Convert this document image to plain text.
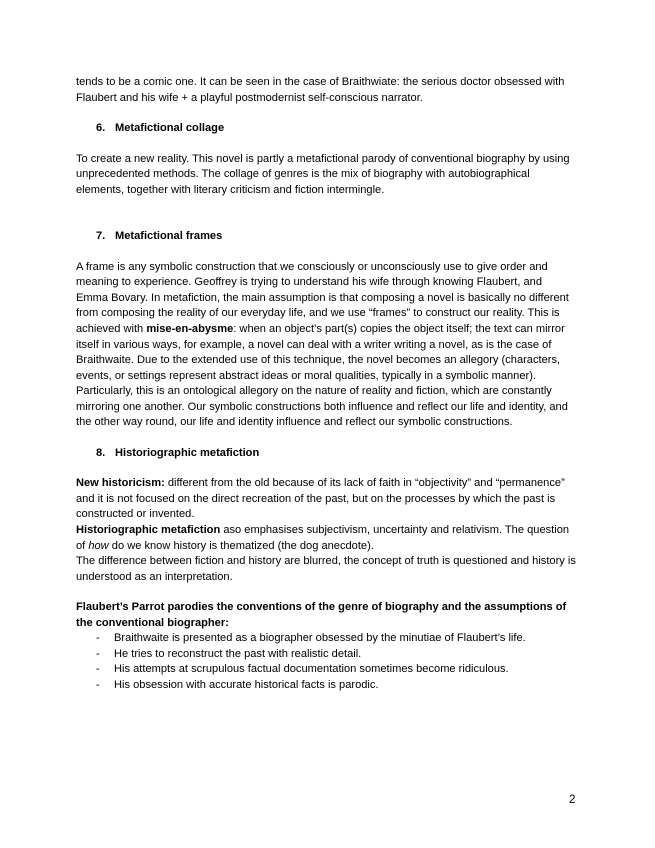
tends to be a comic one. It can be seen in the case of Braithwiate: the serious doctor obsessed with Flaubert and his wife + a playful postmodernist self-conscious narrator.

6. Metafictional collage

To create a new reality. This novel is partly a metafictional parody of conventional biography by using unprecedented methods. The collage of genres is the mix of biography with autobiographical elements, together with literary criticism and fiction intermingle.

7. Metafictional frames

A frame is any symbolic construction that we consciously or unconsciously use to give order and meaning to experience. Geoffrey is trying to understand his wife through knowing Flaubert, and Emma Bovary. In metafiction, the main assumption is that composing a novel is basically no different from composing the reality of our everyday life, and we use “frames” to construct our reality. This is achieved with mise-en-abysme: when an object’s part(s) copies the object itself; the text can mirror itself in various ways, for example, a novel can deal with a writer writing a novel, as is the case of Braithwaite. Due to the extended use of this technique, the novel becomes an allegory (characters, events, or settings represent abstract ideas or moral qualities, typically in a symbolic manner). Particularly, this is an ontological allegory on the nature of reality and fiction, which are constantly mirroring one another. Our symbolic constructions both influence and reflect our life and identity, and the other way round, our life and identity influence and reflect our symbolic constructions.

8. Historiographic metafiction

New historicism: different from the old because of its lack of faith in “objectivity” and “permanence” and it is not focused on the direct recreation of the past, but on the processes by which the past is constructed or invented.

Historiographic metafiction aso emphasises subjectivism, uncertainty and relativism. The question of how do we know history is thematized (the dog anecdote).

The difference between fiction and history are blurred, the concept of truth is questioned and history is understood as an interpretation.

Flaubert’s Parrot parodies the conventions of the genre of biography and the assumptions of the conventional biographer:

- Braithwaite is presented as a biographer obsessed by the minutiae of Flaubert’s life.
- He tries to reconstruct the past with realistic detail.
- His attempts at scrupulous factual documentation sometimes become ridiculous.
- His obsession with accurate historical facts is parodic.
2
